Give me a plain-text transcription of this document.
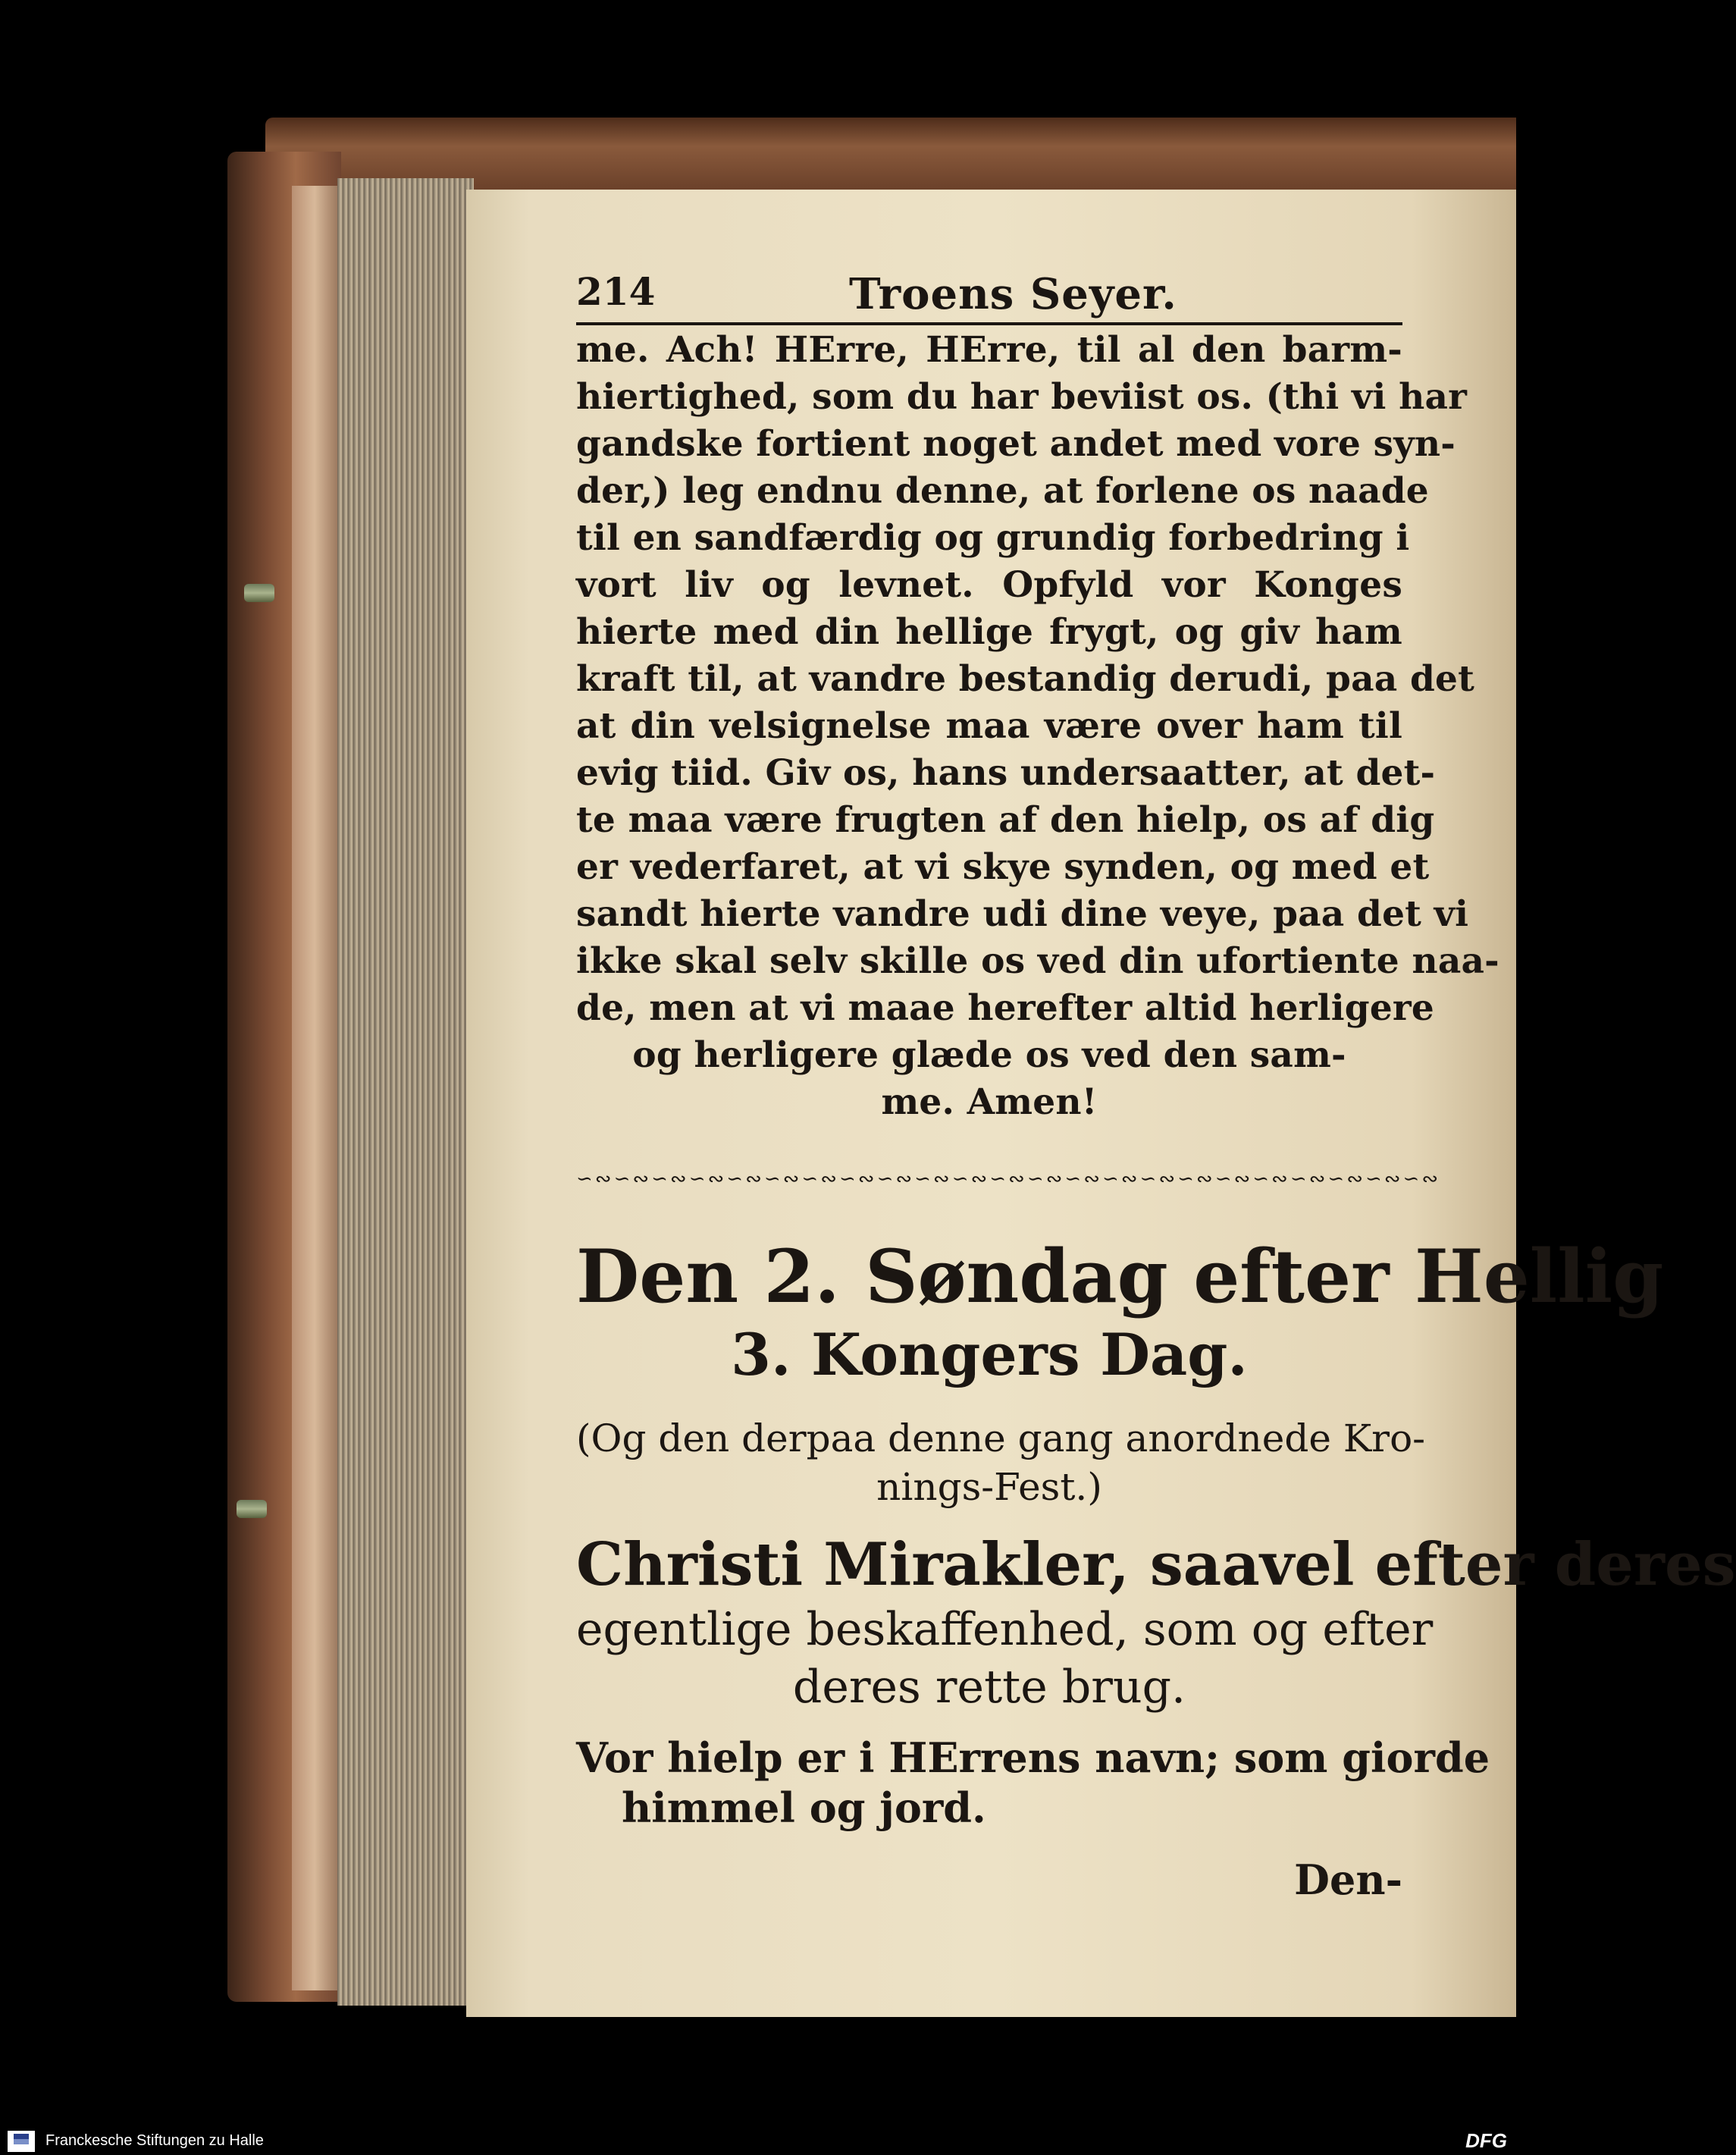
214	Troens Seyer.
me. Ach! HErre, HErre, til al den barm-
hiertighed, som du har beviist os. (thi vi har
gandske fortient noget andet med vore syn-
der,) leg endnu denne, at forlene os naade
til en sandfærdig og grundig forbedring i
vort liv og levnet. Opfyld vor Konges
hierte med din hellige frygt, og giv ham
kraft til, at vandre bestandig derudi, paa det
at din velsignelse maa være over ham til
evig tiid. Giv os, hans undersaatter, at det-
te maa være frugten af den hielp, os af dig
er vederfaret, at vi skye synden, og med et
sandt hierte vandre udi dine veye, paa det vi
ikke skal selv skille os ved din ufortiente naa-
de, men at vi maae herefter altid herligere
og herligere glæde os ved den sam-
me. Amen!
∽∾∽∾∽∾∽∾∽∾∽∾∽∾∽∾∽∾∽∾∽∾∽∾∽∾∽∾∽∾∽∾∽∾∽∾∽∾∽∾∽∾∽∾∽∾
Den 2. Søndag efter Hellig
3. Kongers Dag.
(Og den derpaa denne gang anordnede Kro-
nings-Fest.)
Christi Mirakler, saavel efter deres
egentlige beskaffenhed, som og efter
deres rette brug.
Vor hielp er i HErrens navn; som giorde
himmel og jord.
Den-
Franckesche Stiftungen zu Halle	DFG
